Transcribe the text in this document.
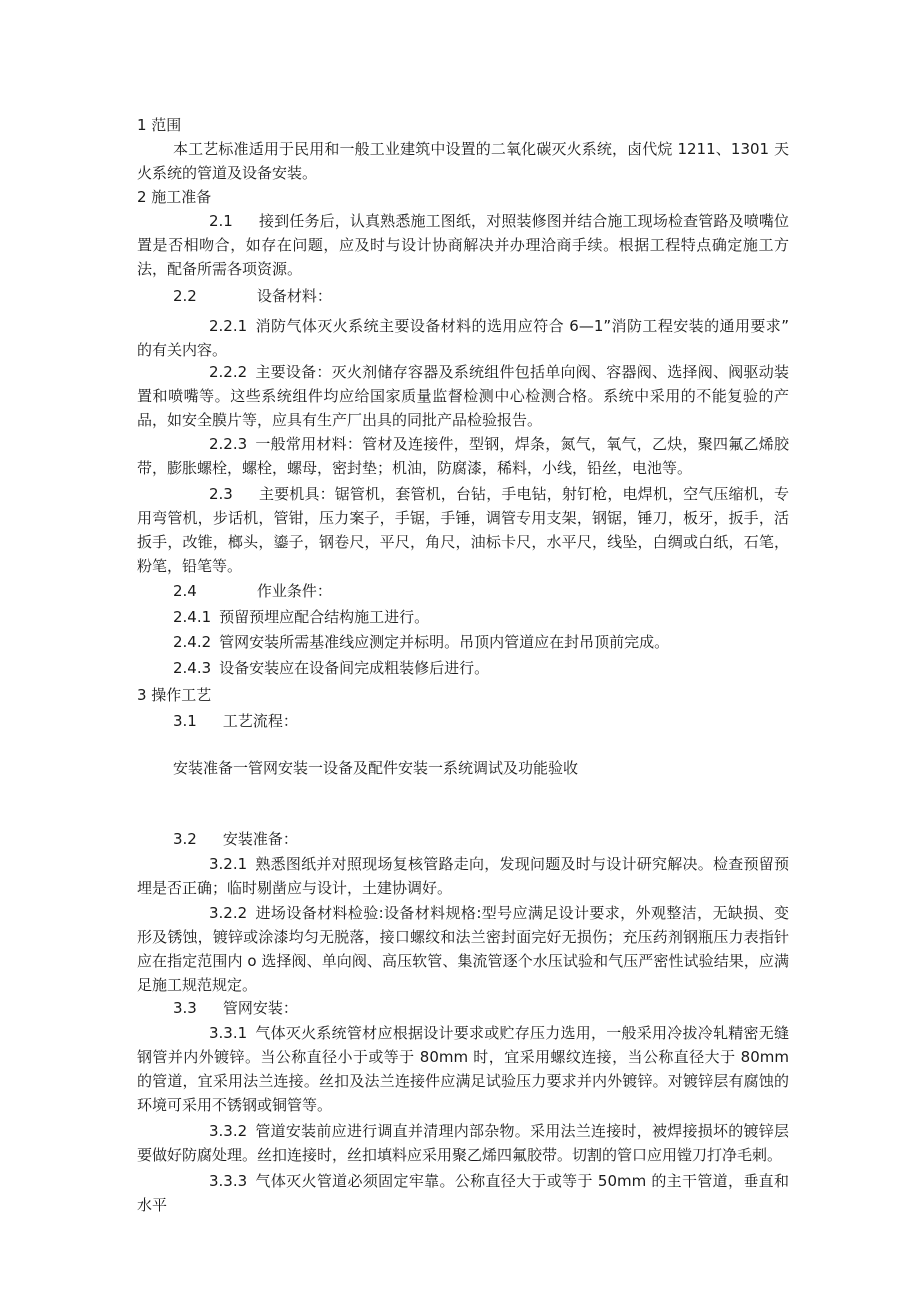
1 范围
本工艺标准适用于民用和一般工业建筑中设置的二氧化碳灭火系统，卤代烷 1211、1301 天火系统的管道及设备安装。
2 施工准备
2.1 接到任务后，认真熟悉施工图纸，对照装修图并结合施工现场检查管路及喷嘴位置是否相吻合，如存在问题，应及时与设计协商解决并办理洽商手续。根据工程特点确定施工方法，配备所需各项资源。
2.2	设备材料：
2.2.1 消防气体灭火系统主要设备材料的选用应符合 6—1”消防工程安装的通用要求” 的有关内容。
2.2.2 主要设备：灭火剂储存容器及系统组件包括单向阀、容器阀、选择阀、阀驱动装置和喷嘴等。这些系统组件均应给国家质量监督检测中心检测合格。系统中采用的不能复验的产品，如安全膜片等，应具有生产厂出具的同批产品检验报告。
2.2.3 一般常用材料：管材及连接件，型钢，焊条，氮气，氧气，乙炔，聚四氟乙烯胶带，膨胀螺栓，螺栓，螺母，密封垫；机油，防腐漆，稀料，小线，铅丝，电池等。
2.3 主要机具：锯管机，套管机，台钻，手电钻，射钉枪，电焊机，空气压缩机，专用弯管机，步话机，管钳，压力案子，手锯，手锤，调管专用支架，钢锯，锤刀，板牙，扳手，活扳手，改锥，榔头，鎏子，钢卷尺，平尺，角尺，油标卡尺，水平尺，线坠，白绸或白纸，石笔，粉笔，铅笔等。
2.4	作业条件：
2.4.1 预留预埋应配合结构施工进行。
2.4.2 管网安装所需基准线应测定并标明。吊顶内管道应在封吊顶前完成。
2.4.3 设备安装应在设备间完成粗装修后进行。
3 操作工艺
3.1 工艺流程：
安装准备一管网安装一设备及配件安装一系统调试及功能验收
3.2 安装准备：
3.2.1 熟悉图纸并对照现场复核管路走向，发现问题及时与设计研究解决。检查预留预埋是否正确；临时剔凿应与设计，土建协调好。
3.2.2 进场设备材料检验:设备材料规格:型号应满足设计要求，外观整洁，无缺损、变形及锈蚀，镀锌或涂漆均匀无脱落，接口螺纹和法兰密封面完好无损伤；充压药剂钢瓶压力表指针应在指定范围内 o 选择阀、单向阀、高压软管、集流管逐个水压试验和气压严密性试验结果，应满足施工规范规定。
3.3 管网安装：
3.3.1 气体灭火系统管材应根据设计要求或贮存压力选用，一般采用冷拔冷轧精密无缝钢管并内外镀锌。当公称直径小于或等于 80mm 时，宜采用螺纹连接，当公称直径大于 80mm 的管道，宜采用法兰连接。丝扣及法兰连接件应满足试验压力要求并内外镀锌。对镀锌层有腐蚀的环境可采用不锈钢或铜管等。
3.3.2 管道安装前应进行调直并清理内部杂物。采用法兰连接时，被焊接损坏的镀锌层要做好防腐处理。丝扣连接时，丝扣填料应采用聚乙烯四氟胶带。切割的管口应用镗刀打净毛刺。
3.3.3 气体灭火管道必须固定牢靠。公称直径大于或等于 50mm 的主干管道，垂直和水平
